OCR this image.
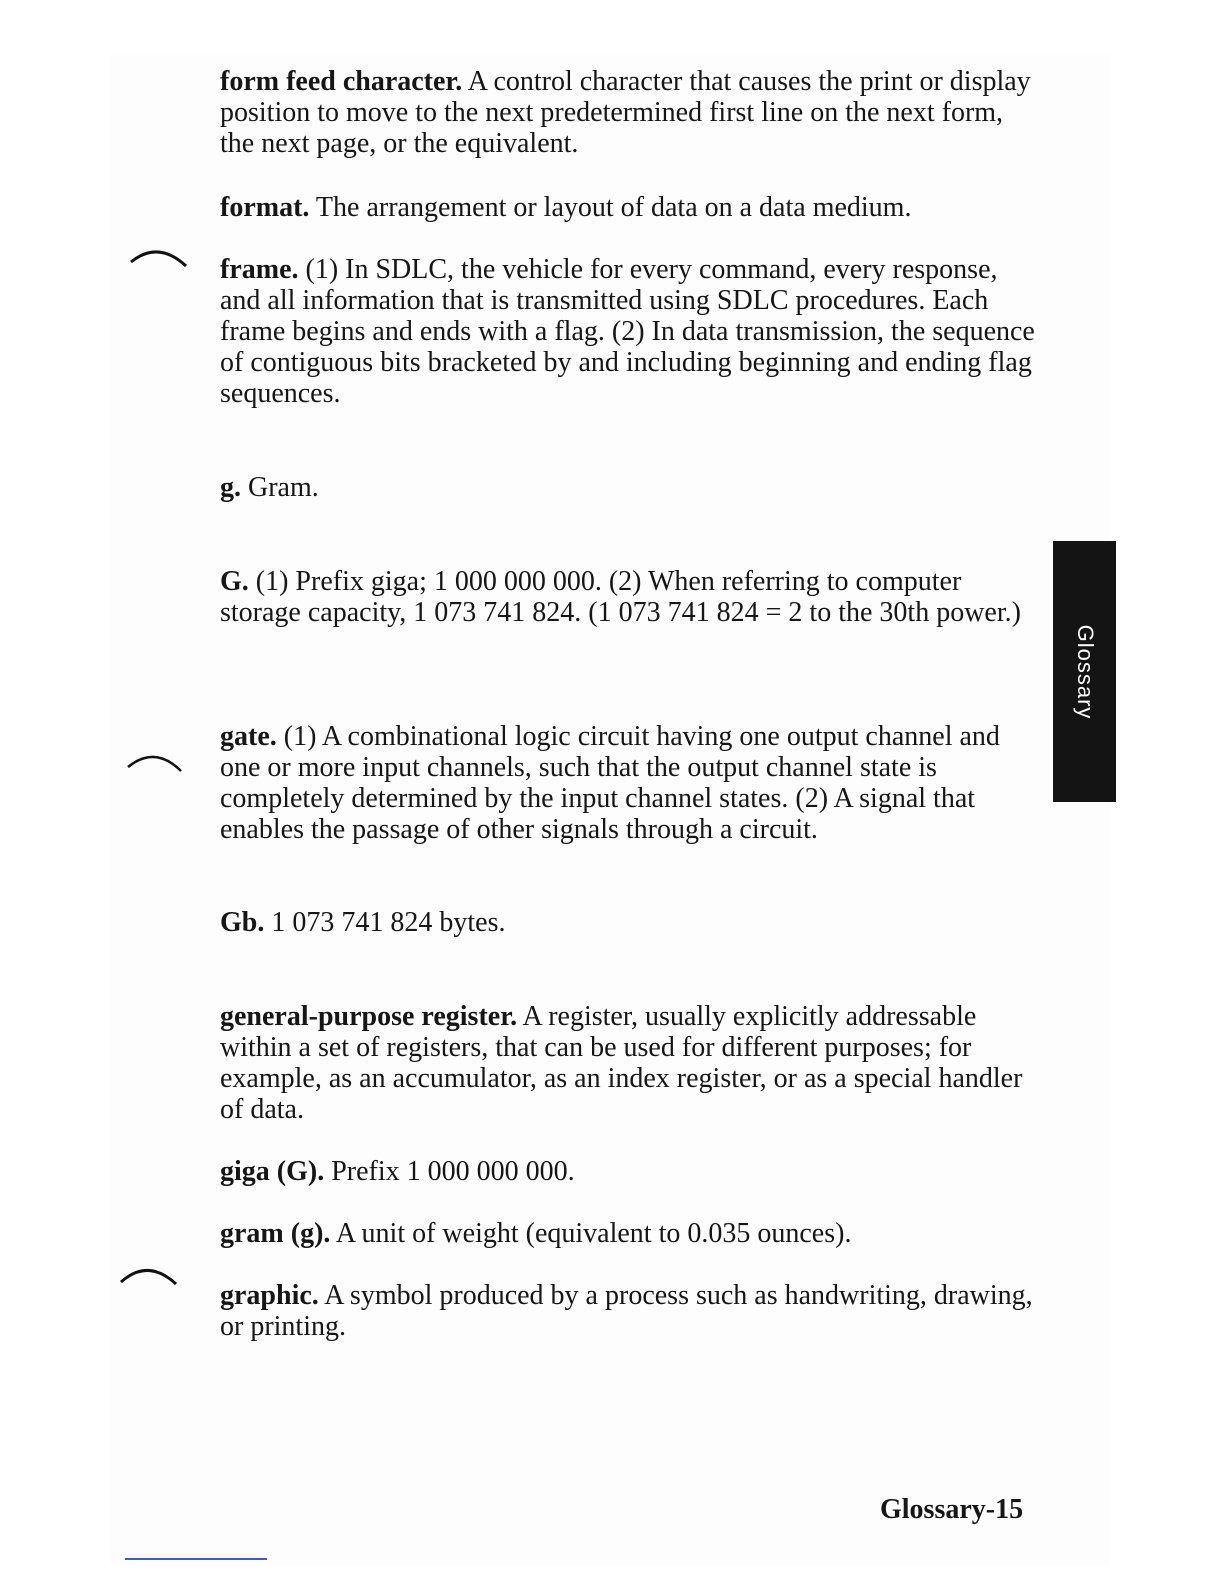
form feed character. A control character that causes the print or display position to move to the next predetermined first line on the next form, the next page, or the equivalent.

format. The arrangement or layout of data on a data medium.

frame. (1) In SDLC, the vehicle for every command, every response, and all information that is transmitted using SDLC procedures. Each frame begins and ends with a flag. (2) In data transmission, the sequence of contiguous bits bracketed by and including beginning and ending flag sequences.

g. Gram.

G. (1) Prefix giga; 1 000 000 000. (2) When referring to computer storage capacity, 1 073 741 824. (1 073 741 824 = 2 to the 30th power.)

gate. (1) A combinational logic circuit having one output channel and one or more input channels, such that the output channel state is completely determined by the input channel states. (2) A signal that enables the passage of other signals through a circuit.

Gb. 1 073 741 824 bytes.

general-purpose register. A register, usually explicitly addressable within a set of registers, that can be used for different purposes; for example, as an accumulator, as an index register, or as a special handler of data.

giga (G). Prefix 1 000 000 000.

gram (g). A unit of weight (equivalent to 0.035 ounces).

graphic. A symbol produced by a process such as handwriting, drawing, or printing.

Glossary

Glossary-15
